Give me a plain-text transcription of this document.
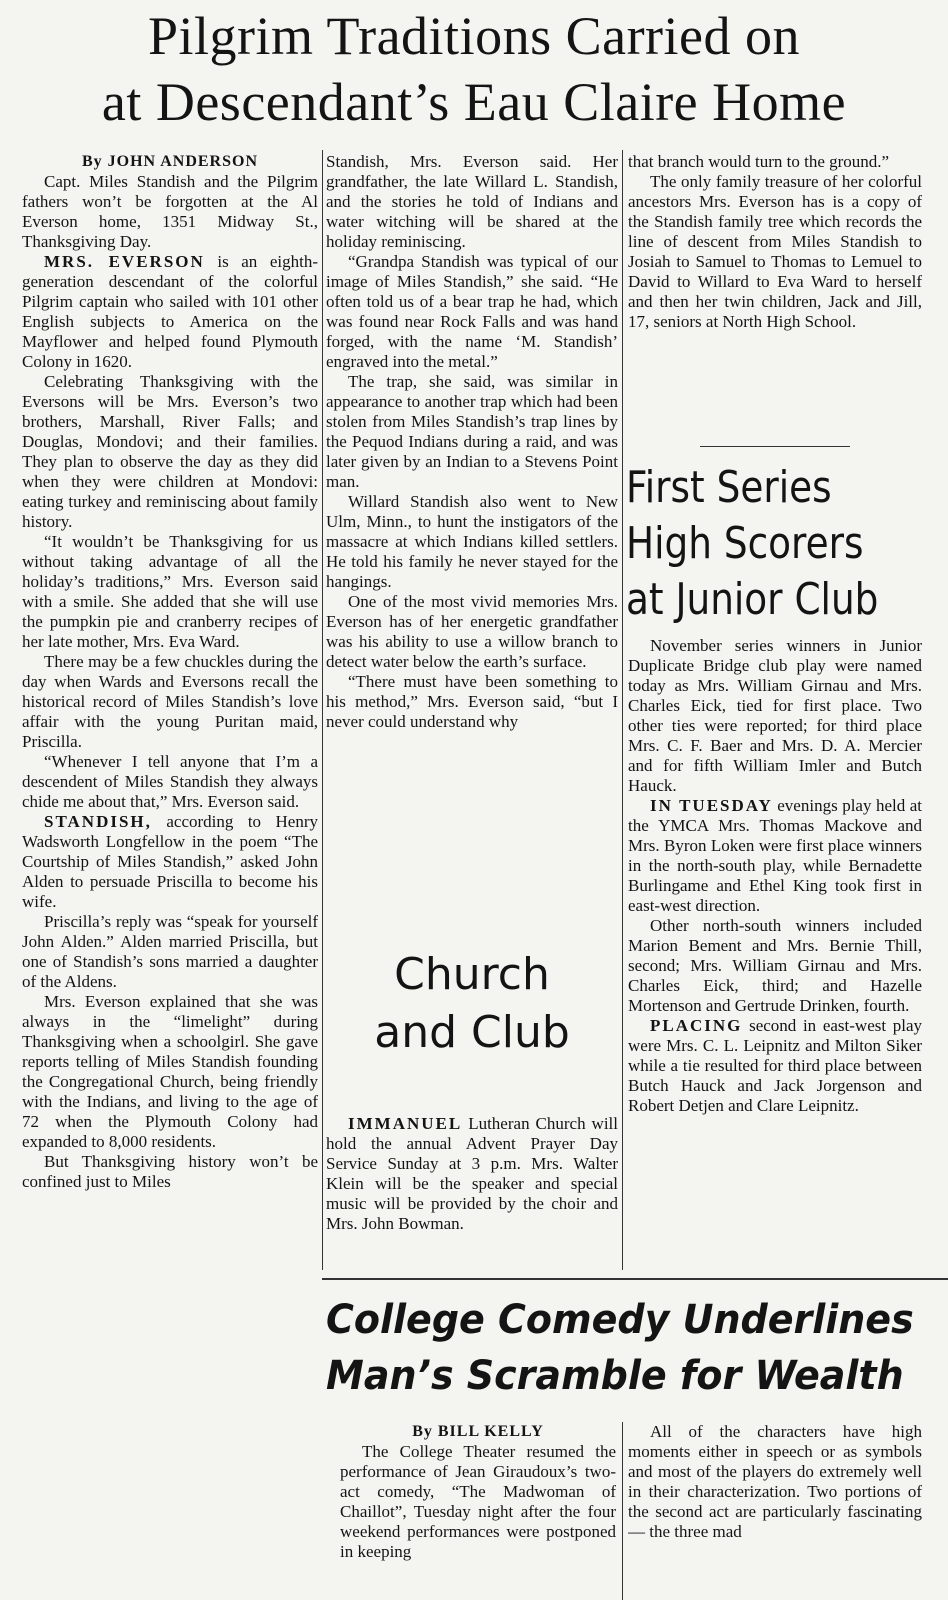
Pilgrim Traditions Carried on
at Descendant’s Eau Claire Home
By JOHN ANDERSON

Capt. Miles Standish and the Pilgrim fathers won’t be forgotten at the Al Everson home, 1351 Midway St., Thanksgiving Day.

MRS. EVERSON is an eighth-generation descendant of the colorful Pilgrim captain who sailed with 101 other English subjects to America on the Mayflower and helped found Plymouth Colony in 1620.

Celebrating Thanksgiving with the Eversons will be Mrs. Everson’s two brothers, Marshall, River Falls; and Douglas, Mondovi; and their families. They plan to observe the day as they did when they were children at Mondovi: eating turkey and reminiscing about family history.

“It wouldn’t be Thanksgiving for us without taking advantage of all the holiday’s traditions,” Mrs. Everson said with a smile. She added that she will use the pumpkin pie and cranberry recipes of her late mother, Mrs. Eva Ward.

There may be a few chuckles during the day when Wards and Eversons recall the historical record of Miles Standish’s love affair with the young Puritan maid, Priscilla.

“Whenever I tell anyone that I’m a descendent of Miles Standish they always chide me about that,” Mrs. Everson said.

STANDISH, according to Henry Wadsworth Longfellow in the poem “The Courtship of Miles Standish,” asked John Alden to persuade Priscilla to become his wife.

Priscilla’s reply was “speak for yourself John Alden.” Alden married Priscilla, but one of Standish’s sons married a daughter of the Aldens.

Mrs. Everson explained that she was always in the “limelight” during Thanksgiving when a schoolgirl. She gave reports telling of Miles Standish founding the Congregational Church, being friendly with the Indians, and living to the age of 72 when the Plymouth Colony had expanded to 8,000 residents.

But Thanksgiving history won’t be confined just to Miles

Standish, Mrs. Everson said. Her grandfather, the late Willard L. Standish, and the stories he told of Indians and water witching will be shared at the holiday reminiscing.

“Grandpa Standish was typical of our image of Miles Standish,” she said. “He often told us of a bear trap he had, which was found near Rock Falls and was hand forged, with the name ‘M. Standish’ engraved into the metal.”

The trap, she said, was similar in appearance to another trap which had been stolen from Miles Standish’s trap lines by the Pequod Indians during a raid, and was later given by an Indian to a Stevens Point man.

Willard Standish also went to New Ulm, Minn., to hunt the instigators of the massacre at which Indians killed settlers. He told his family he never stayed for the hangings.

One of the most vivid memories Mrs. Everson has of her energetic grandfather was his ability to use a willow branch to detect water below the earth’s surface.

“There must have been something to his method,” Mrs. Everson said, “but I never could understand why

that branch would turn to the ground.”

The only family treasure of her colorful ancestors Mrs. Everson has is a copy of the Standish family tree which records the line of descent from Miles Standish to Josiah to Samuel to Thomas to Lemuel to David to Willard to Eva Ward to herself and then her twin children, Jack and Jill, 17, seniors at North High School.

First Series
High Scorers
at Junior Club

November series winners in Junior Duplicate Bridge club play were named today as Mrs. William Girnau and Mrs. Charles Eick, tied for first place. Two other ties were reported; for third place Mrs. C. F. Baer and Mrs. D. A. Mercier and for fifth William Imler and Butch Hauck.

IN TUESDAY evenings play held at the YMCA Mrs. Thomas Mackove and Mrs. Byron Loken were first place winners in the north-south play, while Bernadette Burlingame and Ethel King took first in east-west direction.

Other north-south winners included Marion Bement and Mrs. Bernie Thill, second; Mrs. William Girnau and Mrs. Charles Eick, third; and Hazelle Mortenson and Gertrude Drinken, fourth.

PLACING second in east-west play were Mrs. C. L. Leipnitz and Milton Siker while a tie resulted for third place between Butch Hauck and Jack Jorgenson and Robert Detjen and Clare Leipnitz.

Church
and Club

IMMANUEL Lutheran Church will hold the annual Advent Prayer Day Service Sunday at 3 p.m. Mrs. Walter Klein will be the speaker and special music will be provided by the choir and Mrs. John Bowman.

College Comedy Underlines
Man’s Scramble for Wealth
By BILL KELLY

The College Theater resumed the performance of Jean Giraudoux’s two-act comedy, “The Madwoman of Chaillot”, Tuesday night after the four weekend performances were postponed in keeping

All of the characters have high moments either in speech or as symbols and most of the players do extremely well in their characterization. Two portions of the second act are particularly fascinating — the three mad
